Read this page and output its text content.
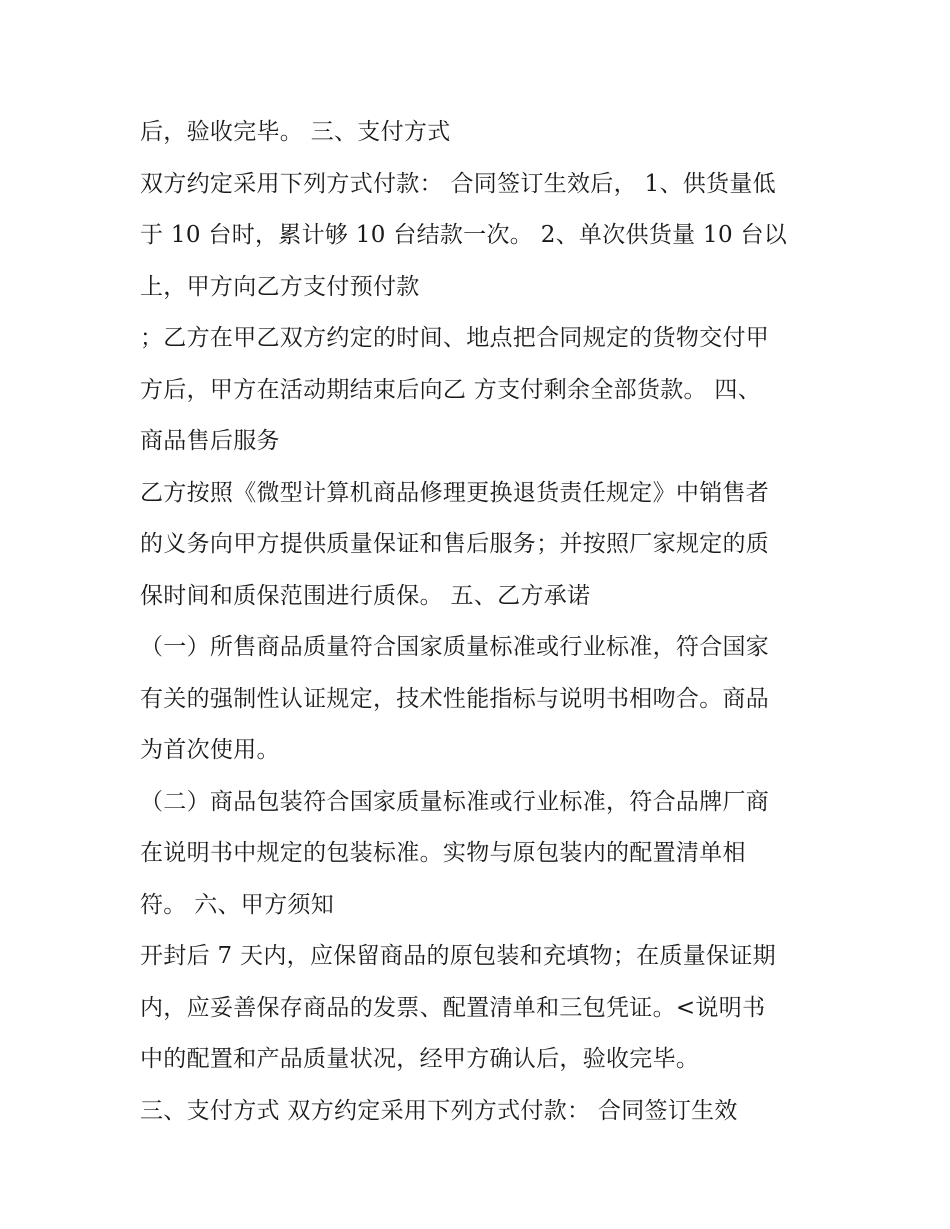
后，验收完毕。 三、支付方式
双方约定采用下列方式付款： 合同签订生效后， 1、供货量低
于 10 台时，累计够 10 台结款一次。 2、单次供货量 10 台以
上，甲方向乙方支付预付款
；乙方在甲乙双方约定的时间、地点把合同规定的货物交付甲
方后，甲方在活动期结束后向乙 方支付剩余全部货款。 四、
商品售后服务
乙方按照《微型计算机商品修理更换退货责任规定》中销售者
的义务向甲方提供质量保证和售后服务；并按照厂家规定的质
保时间和质保范围进行质保。 五、乙方承诺
（一）所售商品质量符合国家质量标准或行业标准，符合国家
有关的强制性认证规定，技术性能指标与说明书相吻合。商品
为首次使用。
（二）商品包装符合国家质量标准或行业标准，符合品牌厂商
在说明书中规定的包装标准。实物与原包装内的配置清单相
符。 六、甲方须知
开封后 7 天内，应保留商品的原包装和充填物；在质量保证期
内，应妥善保存商品的发票、配置清单和三包凭证。<说明书
中的配置和产品质量状况，经甲方确认后，验收完毕。
三、支付方式 双方约定采用下列方式付款： 合同签订生效
